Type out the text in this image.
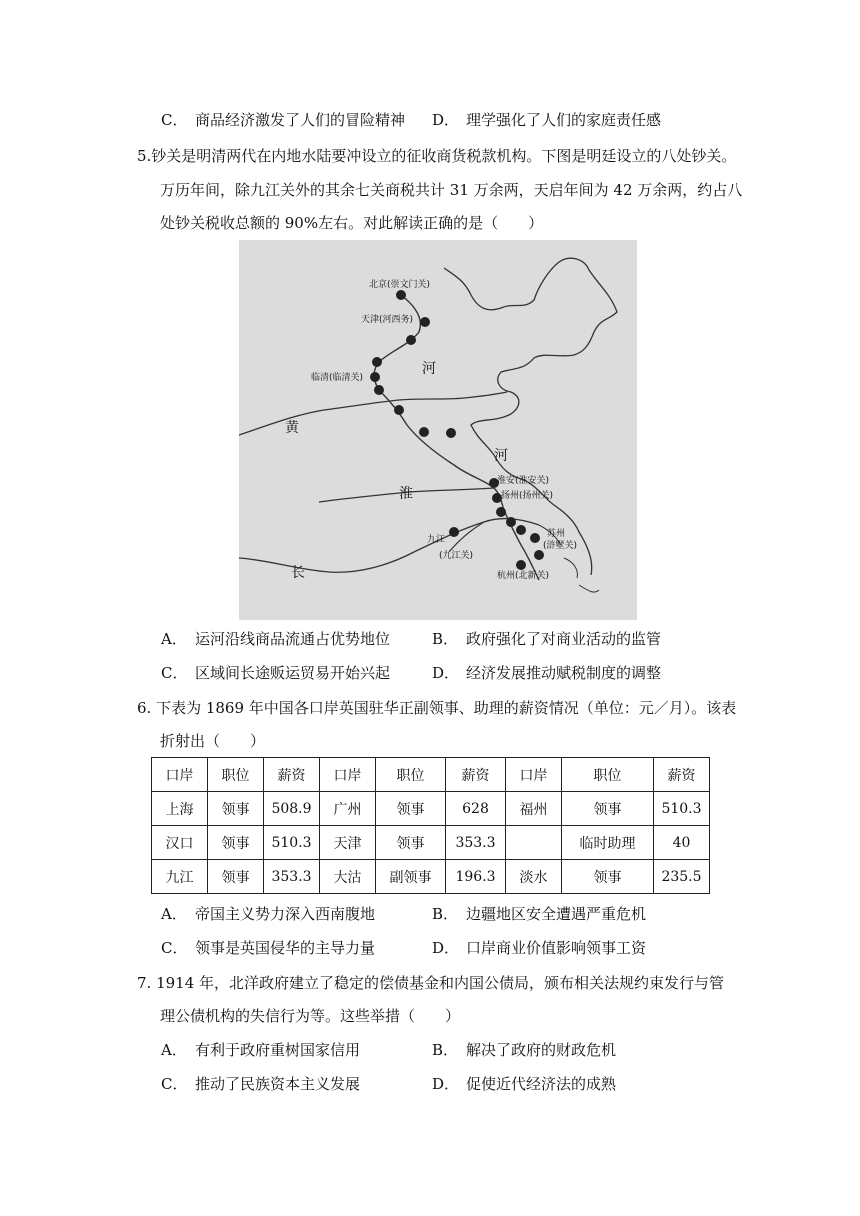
C． 商品经济激发了人们的冒险精神 D． 理学强化了人们的家庭责任感
5.钞关是明清两代在内地水陆要冲设立的征收商货税款机构。下图是明廷设立的八处钞关。
万历年间，除九江关外的其余七关商税共计 31 万余两，天启年间为 42 万余两，约占八
处钞关税收总额的 90%左右。对此解读正确的是（　　）
北京(崇文门关)
天津(河西务)
临清(临清关)
淮安(淮安关)
扬州(扬州关)
苏州
(浒墅关)
九江
(九江关)
杭州(北新关)
河
黄
河
淮
长
A． 运河沿线商品流通占优势地位	B． 政府强化了对商业活动的监管
C． 区域间长途贩运贸易开始兴起	D． 经济发展推动赋税制度的调整
6. 下表为 1869 年中国各口岸英国驻华正副领事、助理的薪资情况（单位：元／月）。该表
折射出（　　）
口岸	职位	薪资	口岸	职位	薪资	口岸	职位	薪资
上海	领事	508.9	广州	领事	628	福州	领事	510.3
汉口	领事	510.3	天津	领事	353.3		临时助理	40
九江	领事	353.3	大沽	副领事	196.3	淡水	领事	235.5
A． 帝国主义势力深入西南腹地	B． 边疆地区安全遭遇严重危机
C． 领事是英国侵华的主导力量	D． 口岸商业价值影响领事工资
7. 1914 年，北洋政府建立了稳定的偿债基金和内国公债局，颁布相关法规约束发行与管
理公债机构的失信行为等。这些举措（　　）
A． 有利于政府重树国家信用	B． 解决了政府的财政危机
C． 推动了民族资本主义发展	D． 促使近代经济法的成熟
